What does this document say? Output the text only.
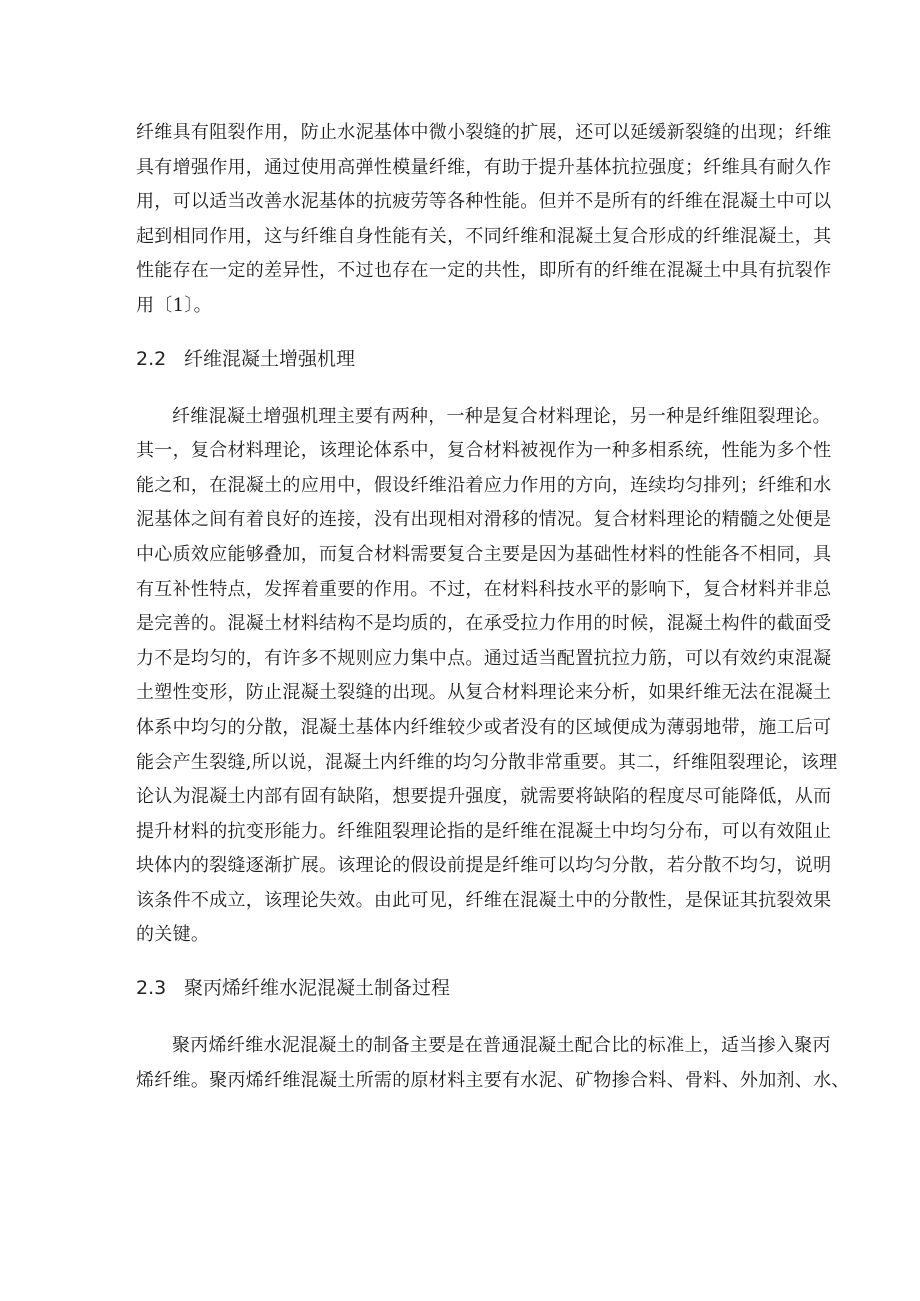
纤维具有阻裂作用，防止水泥基体中微小裂缝的扩展，还可以延缓新裂缝的出现；纤维
具有增强作用，通过使用高弹性模量纤维，有助于提升基体抗拉强度；纤维具有耐久作
用，可以适当改善水泥基体的抗疲劳等各种性能。但并不是所有的纤维在混凝土中可以
起到相同作用，这与纤维自身性能有关，不同纤维和混凝土复合形成的纤维混凝土，其
性能存在一定的差异性，不过也存在一定的共性，即所有的纤维在混凝土中具有抗裂作
用〔1〕。
2.2 纤维混凝土增强机理
纤维混凝土增强机理主要有两种，一种是复合材料理论，另一种是纤维阻裂理论。
其一，复合材料理论，该理论体系中，复合材料被视作为一种多相系统，性能为多个性
能之和，在混凝土的应用中，假设纤维沿着应力作用的方向，连续均匀排列；纤维和水
泥基体之间有着良好的连接，没有出现相对滑移的情况。复合材料理论的精髓之处便是
中心质效应能够叠加，而复合材料需要复合主要是因为基础性材料的性能各不相同，具
有互补性特点，发挥着重要的作用。不过，在材料科技水平的影响下，复合材料并非总
是完善的。混凝土材料结构不是均质的，在承受拉力作用的时候，混凝土构件的截面受
力不是均匀的，有许多不规则应力集中点。通过适当配置抗拉力筋，可以有效约束混凝
土塑性变形，防止混凝土裂缝的出现。从复合材料理论来分析，如果纤维无法在混凝土
体系中均匀的分散，混凝土基体内纤维较少或者没有的区域便成为薄弱地带，施工后可
能会产生裂缝,所以说，混凝土内纤维的均匀分散非常重要。其二，纤维阻裂理论，该理
论认为混凝土内部有固有缺陷，想要提升强度，就需要将缺陷的程度尽可能降低，从而
提升材料的抗变形能力。纤维阻裂理论指的是纤维在混凝土中均匀分布，可以有效阻止
块体内的裂缝逐渐扩展。该理论的假设前提是纤维可以均匀分散，若分散不均匀，说明
该条件不成立，该理论失效。由此可见，纤维在混凝土中的分散性，是保证其抗裂效果
的关键。
2.3 聚丙烯纤维水泥混凝土制备过程
聚丙烯纤维水泥混凝土的制备主要是在普通混凝土配合比的标准上，适当掺入聚丙
烯纤维。聚丙烯纤维混凝土所需的原材料主要有水泥、矿物掺合料、骨料、外加剂、水、
